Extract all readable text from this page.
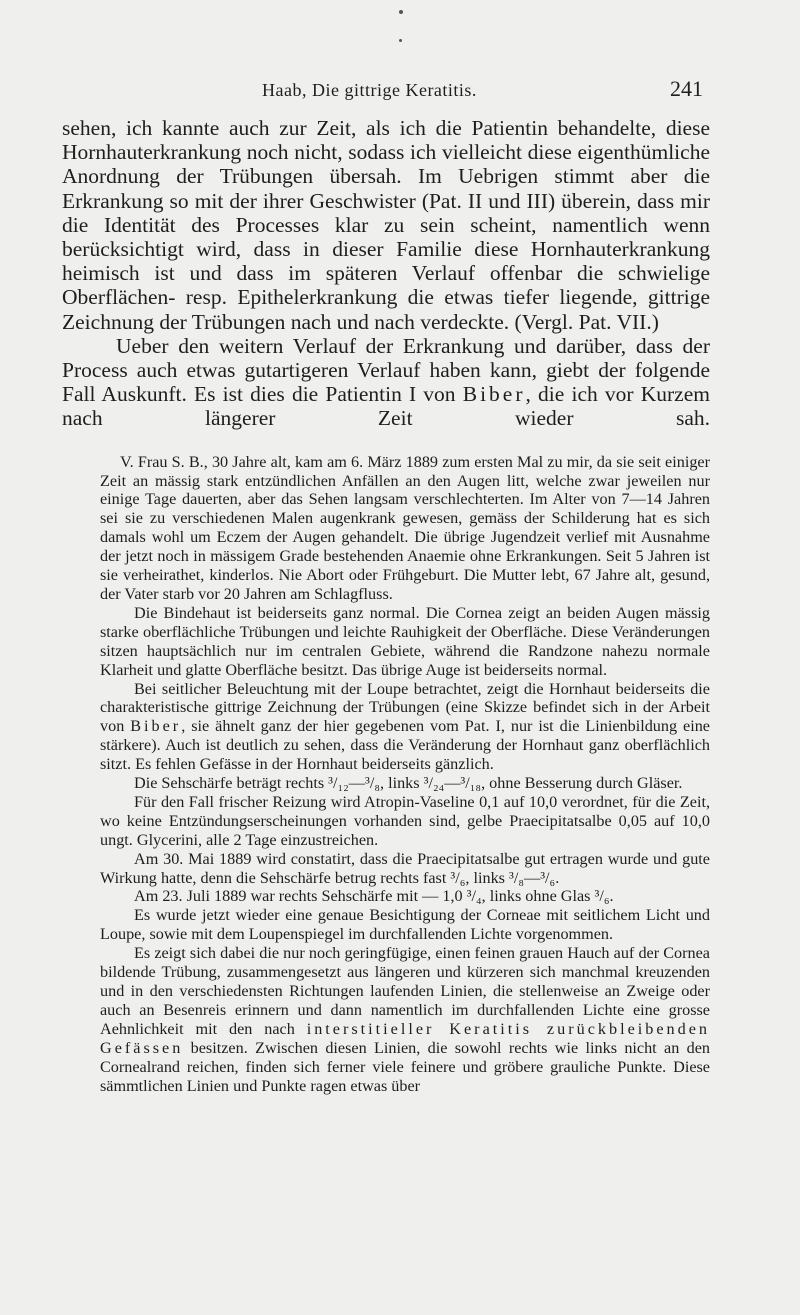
Haab, Die gittrige Keratitis.	241

sehen, ich kannte auch zur Zeit, als ich die Patientin behandelte, diese Hornhauterkrankung noch nicht, sodass ich vielleicht diese eigenthümliche Anordnung der Trübungen übersah. Im Uebrigen stimmt aber die Erkrankung so mit der ihrer Geschwister (Pat. II und III) überein, dass mir die Identität des Processes klar zu sein scheint, namentlich wenn berücksichtigt wird, dass in dieser Familie diese Hornhauterkrankung heimisch ist und dass im späteren Verlauf offenbar die schwielige Oberflächen- resp. Epithelerkrankung die etwas tiefer liegende, gittrige Zeichnung der Trübungen nach und nach verdeckte. (Vergl. Pat. VII.)

Ueber den weitern Verlauf der Erkrankung und darüber, dass der Process auch etwas gutartigeren Verlauf haben kann, giebt der folgende Fall Auskunft. Es ist dies die Patientin I von Biber, die ich vor Kurzem nach längerer Zeit wieder sah.

V. Frau S. B., 30 Jahre alt, kam am 6. März 1889 zum ersten Mal zu mir, da sie seit einiger Zeit an mässig stark entzündlichen Anfällen an den Augen litt, welche zwar jeweilen nur einige Tage dauerten, aber das Sehen langsam verschlechterten. Im Alter von 7—14 Jahren sei sie zu verschiedenen Malen augenkrank gewesen, gemäss der Schilderung hat es sich damals wohl um Eczem der Augen gehandelt. Die übrige Jugendzeit verlief mit Ausnahme der jetzt noch in mässigem Grade bestehenden Anaemie ohne Erkrankungen. Seit 5 Jahren ist sie verheirathet, kinderlos. Nie Abort oder Frühgeburt. Die Mutter lebt, 67 Jahre alt, gesund, der Vater starb vor 20 Jahren am Schlagfluss.

Die Bindehaut ist beiderseits ganz normal. Die Cornea zeigt an beiden Augen mässig starke oberflächliche Trübungen und leichte Rauhigkeit der Oberfläche. Diese Veränderungen sitzen hauptsächlich nur im centralen Gebiete, während die Randzone nahezu normale Klarheit und glatte Oberfläche besitzt. Das übrige Auge ist beiderseits normal.

Bei seitlicher Beleuchtung mit der Loupe betrachtet, zeigt die Hornhaut beiderseits die charakteristische gittrige Zeichnung der Trübungen (eine Skizze befindet sich in der Arbeit von Biber, sie ähnelt ganz der hier gegebenen vom Pat. I, nur ist die Linienbildung eine stärkere). Auch ist deutlich zu sehen, dass die Veränderung der Hornhaut ganz oberflächlich sitzt. Es fehlen Gefässe in der Hornhaut beiderseits gänzlich.

Die Sehschärfe beträgt rechts ³/₁₂—³/₈, links ³/₂₄—³/₁₈, ohne Besserung durch Gläser.

Für den Fall frischer Reizung wird Atropin-Vaseline 0,1 auf 10,0 verordnet, für die Zeit, wo keine Entzündungserscheinungen vorhanden sind, gelbe Praecipitatsalbe 0,05 auf 10,0 ungt. Glycerini, alle 2 Tage einzustreichen.

Am 30. Mai 1889 wird constatirt, dass die Praecipitatsalbe gut ertragen wurde und gute Wirkung hatte, denn die Sehschärfe betrug rechts fast ³/₆, links ³/₈—³/₆.

Am 23. Juli 1889 war rechts Sehschärfe mit — 1,0 ³/₄, links ohne Glas ³/₆.

Es wurde jetzt wieder eine genaue Besichtigung der Corneae mit seitlichem Licht und Loupe, sowie mit dem Loupenspiegel im durchfallenden Lichte vorgenommen.

Es zeigt sich dabei die nur noch geringfügige, einen feinen grauen Hauch auf der Cornea bildende Trübung, zusammengesetzt aus längeren und kürzeren sich manchmal kreuzenden und in den verschiedensten Richtungen laufenden Linien, die stellenweise an Zweige oder auch an Besenreis erinnern und dann namentlich im durchfallenden Lichte eine grosse Aehnlichkeit mit den nach interstitieller Keratitis zurückbleibenden Gefässen besitzen. Zwischen diesen Linien, die sowohl rechts wie links nicht an den Cornealrand reichen, finden sich ferner viele feinere und gröbere grauliche Punkte. Diese sämmtlichen Linien und Punkte ragen etwas über
